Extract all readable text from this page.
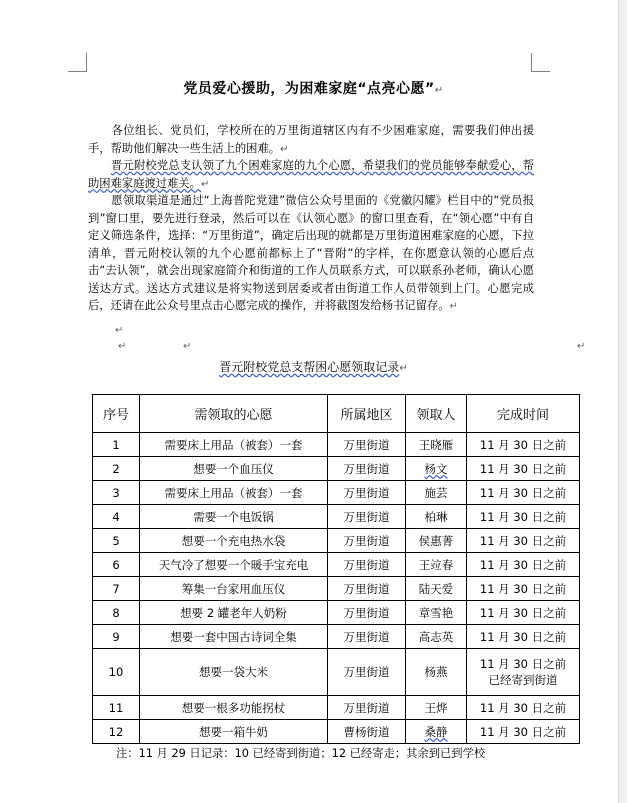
党员爱心援助，为困难家庭“点亮心愿”↵
各位组长、党员们，学校所在的万里街道辖区内有不少困难家庭，需要我们伸出援手，帮助他们解决一些生活上的困难。↵
晋元附校党总支认领了九个困难家庭的九个心愿，希望我们的党员能够奉献爱心，帮助困难家庭渡过难关。↵
愿领取渠道是通过“上海普陀党建”微信公众号里面的《党徽闪耀》栏目中的“党员报到”窗口里，要先进行登录，然后可以在《认领心愿》的窗口里查看，在“领心愿”中有自定义筛选条件，选择：“万里街道”，确定后出现的就都是万里街道困难家庭的心愿，下拉清单，晋元附校认领的九个心愿前都标上了“晋附”的字样，在你愿意认领的心愿后点击“去认领”，就会出现家庭简介和街道的工作人员联系方式，可以联系孙老师，确认心愿送达方式。送达方式建议是将实物送到居委或者由街道工作人员带领到上门。心愿完成后，还请在此公众号里点击心愿完成的操作，并将截图发给杨书记留存。↵
↵
↵	↵	↵
晋元附校党总支帮困心愿领取记录↵
序号	需领取的心愿	所属地区	领取人	完成时间
1	需要床上用品（被套）一套	万里街道	王晓雁	11 月 30 日之前
2	想要一个血压仪	万里街道	杨文	11 月 30 日之前
3	需要床上用品（被套）一套	万里街道	施芸	11 月 30 日之前
4	需要一个电饭锅	万里街道	柏琳	11 月 30 日之前
5	想要一个充电热水袋	万里街道	侯惠菁	11 月 30 日之前
6	天气冷了想要一个暖手宝充电	万里街道	王竝春	11 月 30 日之前
7	筹集一台家用血压仪	万里街道	陆天爱	11 月 30 日之前
8	想要 2 罐老年人奶粉	万里街道	章雪艳	11 月 30 日之前
9	想要一套中国古诗词全集	万里街道	高志英	11 月 30 日之前
10	想要一袋大米	万里街道	杨燕	11 月 30 日之前
已经寄到街道
11	想要一根多功能拐杖	万里街道	王烨	11 月 30 日之前
12	想要一箱牛奶	曹杨街道	桑静	11 月 30 日之前
注：11 月 29 日记录：10 已经寄到街道；12 已经寄走；其余到已到学校
